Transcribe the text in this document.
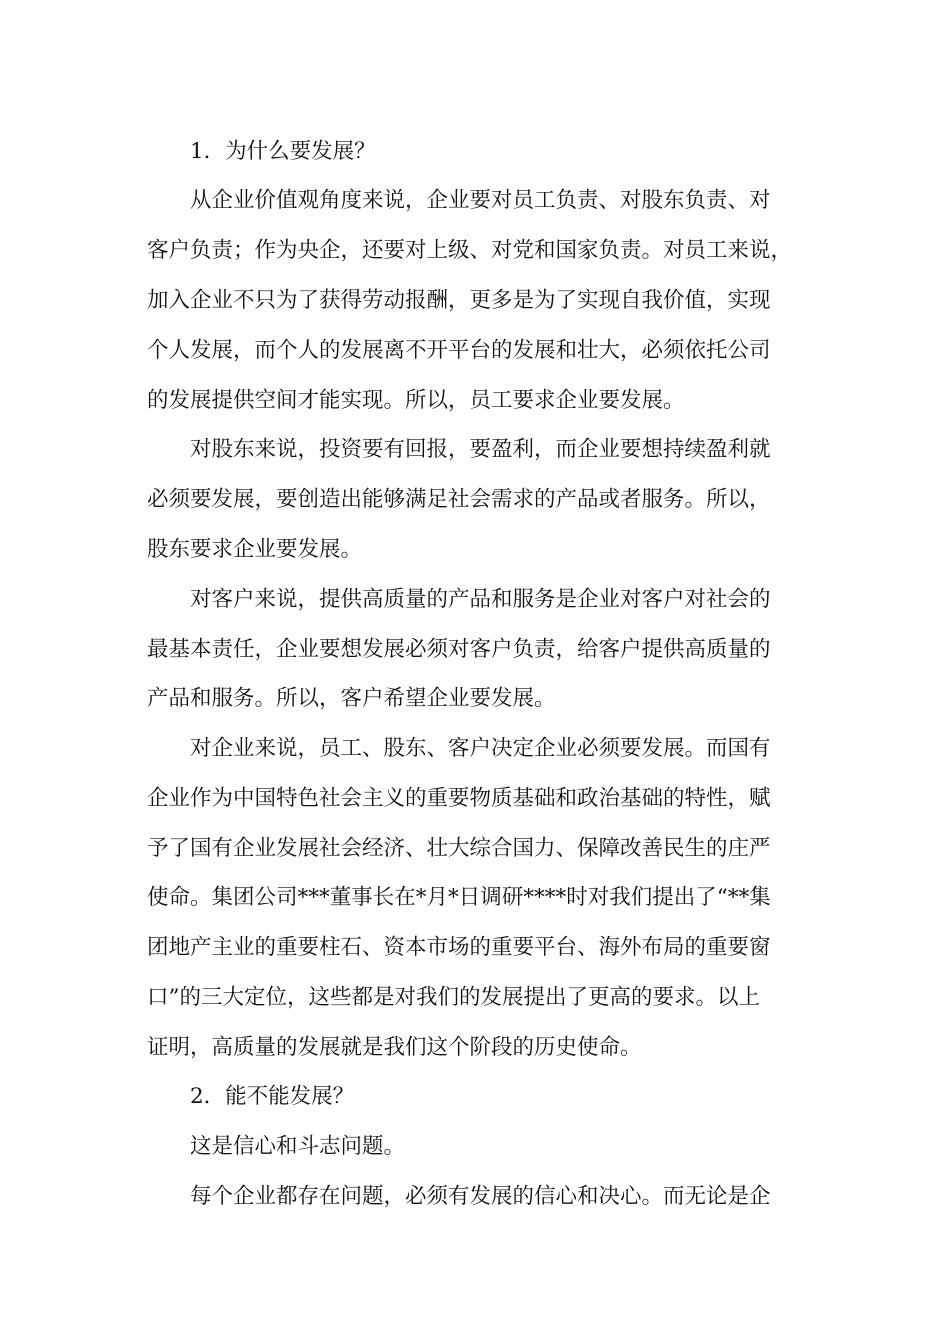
1．为什么要发展？

从企业价值观角度来说，企业要对员工负责、对股东负责、对

客户负责；作为央企，还要对上级、对党和国家负责。对员工来说，

加入企业不只为了获得劳动报酬，更多是为了实现自我价值，实现

个人发展，而个人的发展离不开平台的发展和壮大，必须依托公司

的发展提供空间才能实现。所以，员工要求企业要发展。

对股东来说，投资要有回报，要盈利，而企业要想持续盈利就

必须要发展，要创造出能够满足社会需求的产品或者服务。所以，

股东要求企业要发展。

对客户来说，提供高质量的产品和服务是企业对客户对社会的

最基本责任，企业要想发展必须对客户负责，给客户提供高质量的

产品和服务。所以，客户希望企业要发展。

对企业来说，员工、股东、客户决定企业必须要发展。而国有

企业作为中国特色社会主义的重要物质基础和政治基础的特性，赋

予了国有企业发展社会经济、壮大综合国力、保障改善民生的庄严

使命。集团公司***董事长在*月*日调研****时对我们提出了“**集

团地产主业的重要柱石、资本市场的重要平台、海外布局的重要窗

口”的三大定位，这些都是对我们的发展提出了更高的要求。以上

证明，高质量的发展就是我们这个阶段的历史使命。

2．能不能发展？

这是信心和斗志问题。

每个企业都存在问题，必须有发展的信心和决心。而无论是企
